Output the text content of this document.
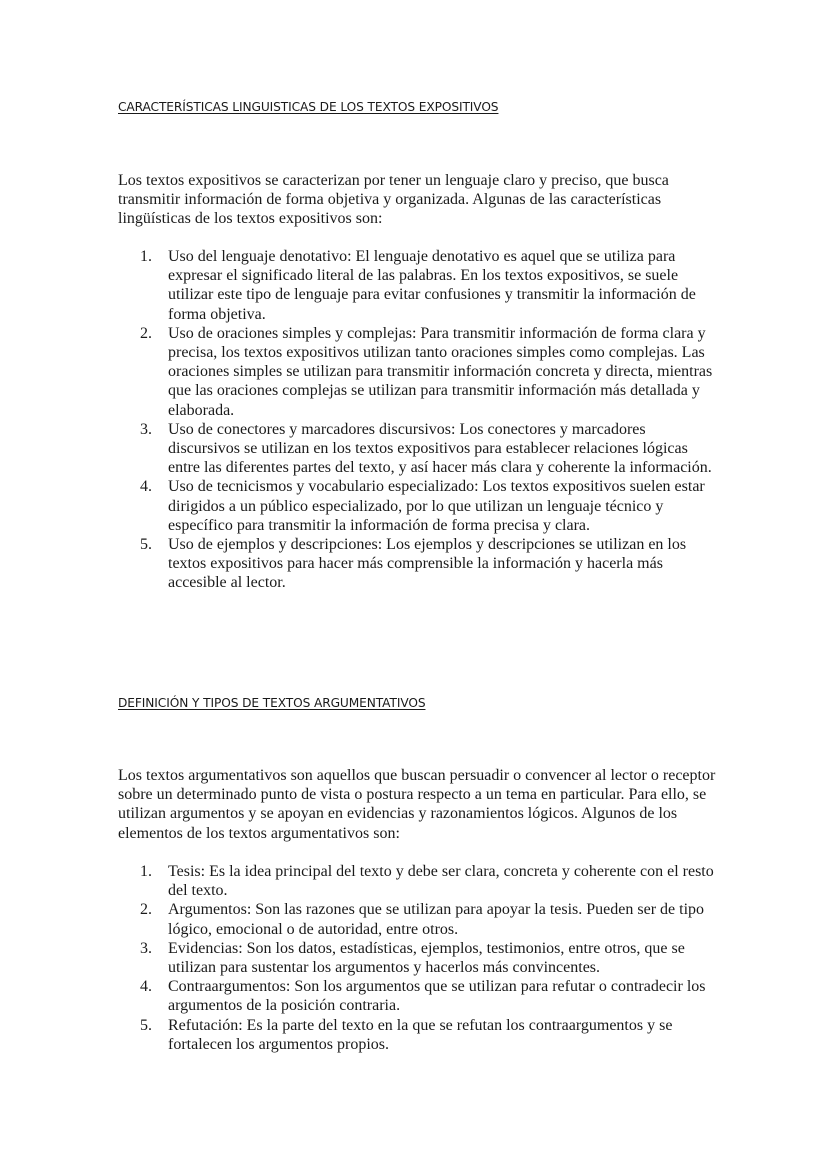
CARACTERÍSTICAS LINGUISTICAS DE LOS TEXTOS EXPOSITIVOS

Los textos expositivos se caracterizan por tener un lenguaje claro y preciso, que busca transmitir información de forma objetiva y organizada. Algunas de las características lingüísticas de los textos expositivos son:

1. Uso del lenguaje denotativo: El lenguaje denotativo es aquel que se utiliza para expresar el significado literal de las palabras. En los textos expositivos, se suele utilizar este tipo de lenguaje para evitar confusiones y transmitir la información de forma objetiva.
2. Uso de oraciones simples y complejas: Para transmitir información de forma clara y precisa, los textos expositivos utilizan tanto oraciones simples como complejas. Las oraciones simples se utilizan para transmitir información concreta y directa, mientras que las oraciones complejas se utilizan para transmitir información más detallada y elaborada.
3. Uso de conectores y marcadores discursivos: Los conectores y marcadores discursivos se utilizan en los textos expositivos para establecer relaciones lógicas entre las diferentes partes del texto, y así hacer más clara y coherente la información.
4. Uso de tecnicismos y vocabulario especializado: Los textos expositivos suelen estar dirigidos a un público especializado, por lo que utilizan un lenguaje técnico y específico para transmitir la información de forma precisa y clara.
5. Uso de ejemplos y descripciones: Los ejemplos y descripciones se utilizan en los textos expositivos para hacer más comprensible la información y hacerla más accesible al lector.
DEFINICIÓN Y TIPOS DE TEXTOS ARGUMENTATIVOS

Los textos argumentativos son aquellos que buscan persuadir o convencer al lector o receptor sobre un determinado punto de vista o postura respecto a un tema en particular. Para ello, se utilizan argumentos y se apoyan en evidencias y razonamientos lógicos. Algunos de los elementos de los textos argumentativos son:

1. Tesis: Es la idea principal del texto y debe ser clara, concreta y coherente con el resto del texto.
2. Argumentos: Son las razones que se utilizan para apoyar la tesis. Pueden ser de tipo lógico, emocional o de autoridad, entre otros.
3. Evidencias: Son los datos, estadísticas, ejemplos, testimonios, entre otros, que se utilizan para sustentar los argumentos y hacerlos más convincentes.
4. Contraargumentos: Son los argumentos que se utilizan para refutar o contradecir los argumentos de la posición contraria.
5. Refutación: Es la parte del texto en la que se refutan los contraargumentos y se fortalecen los argumentos propios.
